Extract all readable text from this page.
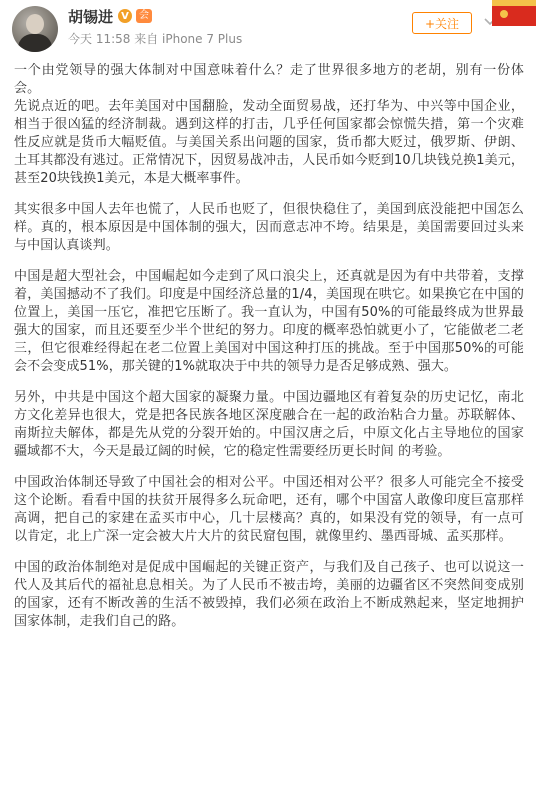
胡锡进 V	会
今天 11:58 来自 iPhone 7 Plus
+关注

一个由党领导的强大体制对中国意味着什么？走了世界很多地方的老胡，别有一份体会。

先说点近的吧。去年美国对中国翻脸，发动全面贸易战，还打华为、中兴等中国企业，相当于很凶猛的经济制裁。遇到这样的打击，几乎任何国家都会惊慌失措，第一个灾难性反应就是货币大幅贬值。与美国关系出问题的国家，货币都大贬过，俄罗斯、伊朗、土耳其都没有逃过。正常情况下，因贸易战冲击，人民币如今贬到10几块钱兑换1美元，甚至20块钱换1美元，本是大概率事件。

其实很多中国人去年也慌了，人民币也贬了，但很快稳住了，美国到底没能把中国怎么样。真的，根本原因是中国体制的强大，因而意志冲不垮。结果是，美国需要回过头来与中国认真谈判。

中国是超大型社会，中国崛起如今走到了风口浪尖上，还真就是因为有中共带着，支撑着，美国撼动不了我们。印度是中国经济总量的1/4，美国现在哄它。如果换它在中国的位置上，美国一压它，准把它压断了。我一直认为，中国有50%的可能最终成为世界最强大的国家，而且还要至少半个世纪的努力。印度的概率恐怕就更小了，它能做老二老三，但它很难经得起在老二位置上美国对中国这种打压的挑战。至于中国那50%的可能会不会变成51%，那关键的1%就取决于中共的领导力是否足够成熟、强大。

另外，中共是中国这个超大国家的凝聚力量。中国边疆地区有着复杂的历史记忆，南北方文化差异也很大，党是把各民族各地区深度融合在一起的政治粘合力量。苏联解体、南斯拉夫解体，都是先从党的分裂开始的。中国汉唐之后，中原文化占主导地位的国家疆域都不大，今天是最辽阔的时候，它的稳定性需要经历更长时间 的考验。

中国政治体制还导致了中国社会的相对公平。中国还相对公平？很多人可能完全不接受这个论断。看看中国的扶贫开展得多么玩命吧，还有，哪个中国富人敢像印度巨富那样高调，把自己的家建在孟买市中心，几十层楼高？真的，如果没有党的领导，有一点可以肯定，北上广深一定会被大片大片的贫民窟包围，就像里约、墨西哥城、孟买那样。

中国的政治体制绝对是促成中国崛起的关键正资产，与我们及自己孩子、也可以说这一代人及其后代的福祉息息相关。为了人民币不被击垮，美丽的边疆省区不突然间变成别的国家，还有不断改善的生活不被毁掉，我们必须在政治上不断成熟起来，坚定地拥护国家体制，走我们自己的路。
